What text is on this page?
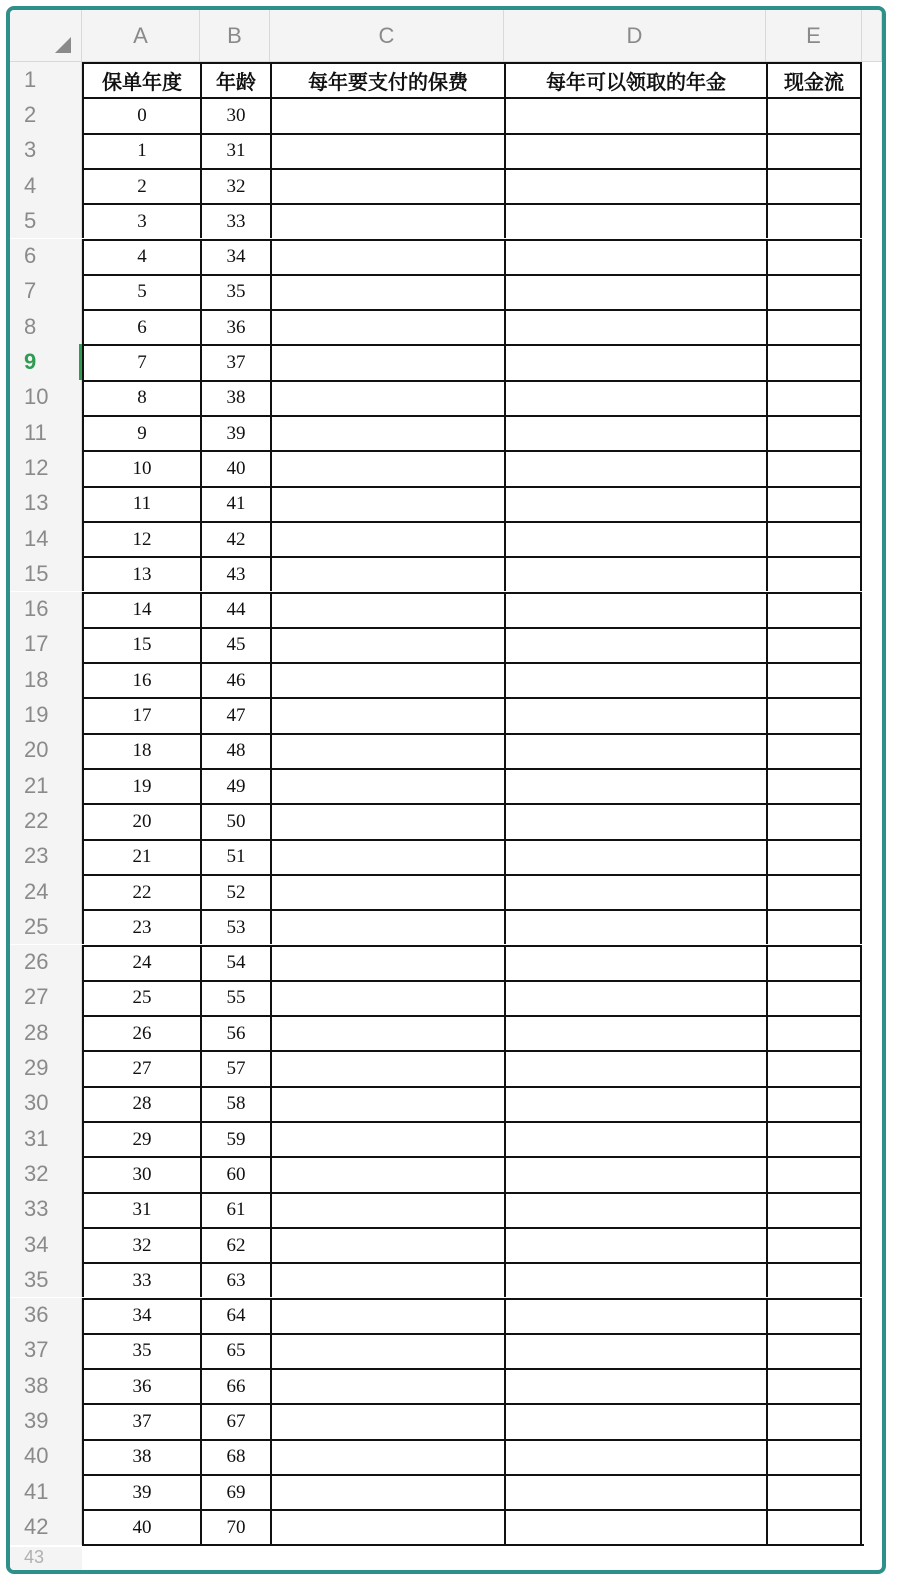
A	B	C	D	E
1	保单年度	年龄	每年要支付的保费	每年可以领取的年金	现金流
2	0	30
3	1	31
4	2	32
5	3	33
6	4	34
7	5	35
8	6	36
9	7	37
10	8	38
11	9	39
12	10	40
13	11	41
14	12	42
15	13	43
16	14	44
17	15	45
18	16	46
19	17	47
20	18	48
21	19	49
22	20	50
23	21	51
24	22	52
25	23	53
26	24	54
27	25	55
28	26	56
29	27	57
30	28	58
31	29	59
32	30	60
33	31	61
34	32	62
35	33	63
36	34	64
37	35	65
38	36	66
39	37	67
40	38	68
41	39	69
42	40	70
43
